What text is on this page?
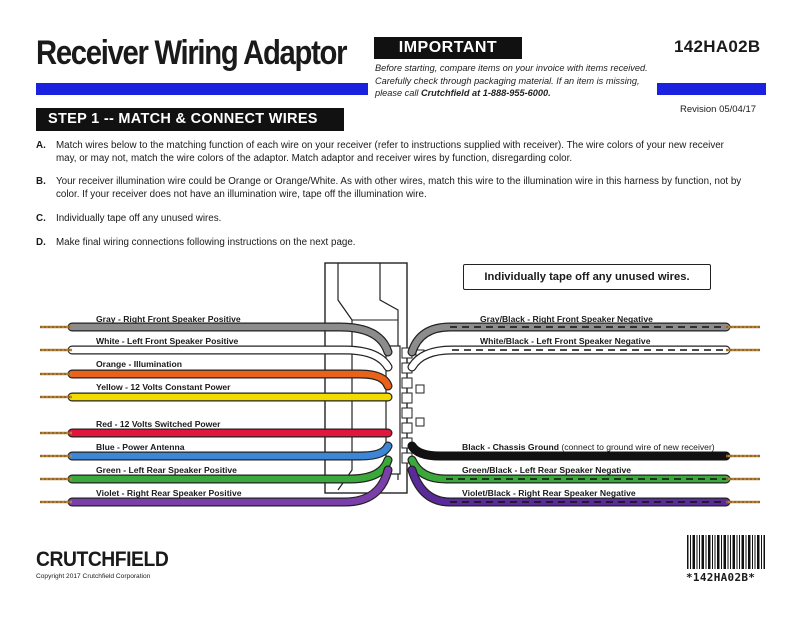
Receiver Wiring Adaptor	IMPORTANT
Before starting, compare items on your invoice with items received. Carefully check through packaging material. If an item is missing, please call Crutchfield at 1-888-955-6000.
142HA02B
Revision 05/04/17
STEP 1 -- MATCH & CONNECT WIRES
A. Match wires below to the matching function of each wire on your receiver (refer to instructions supplied with receiver). The wire colors of your new receiver may, or may not, match the wire colors of the adaptor. Match adaptor and receiver wires by function, disregarding color.
B. Your receiver illumination wire could be Orange or Orange/White. As with other wires, match this wire to the illumination wire in this harness by function, not by color. If your receiver does not have an illumination wire, tape off the illumination wire.
C. Individually tape off any unused wires.
D. Make final wiring connections following instructions on the next page.
Individually tape off any unused wires.
Gray - Right Front Speaker Positive
White - Left Front Speaker Positive
Orange - Illumination
Yellow - 12 Volts Constant Power
Red - 12 Volts Switched Power
Blue - Power Antenna
Green - Left Rear Speaker Positive
Violet - Right Rear Speaker Positive
Gray/Black - Right Front Speaker Negative
White/Black - Left Front Speaker Negative
Black - Chassis Ground (connect to ground wire of new receiver)
Green/Black - Left Rear Speaker Negative
Violet/Black - Right Rear Speaker Negative
CRUTCHFIELD
Copyright 2017 Crutchfield Corporation	*142HA02B*
